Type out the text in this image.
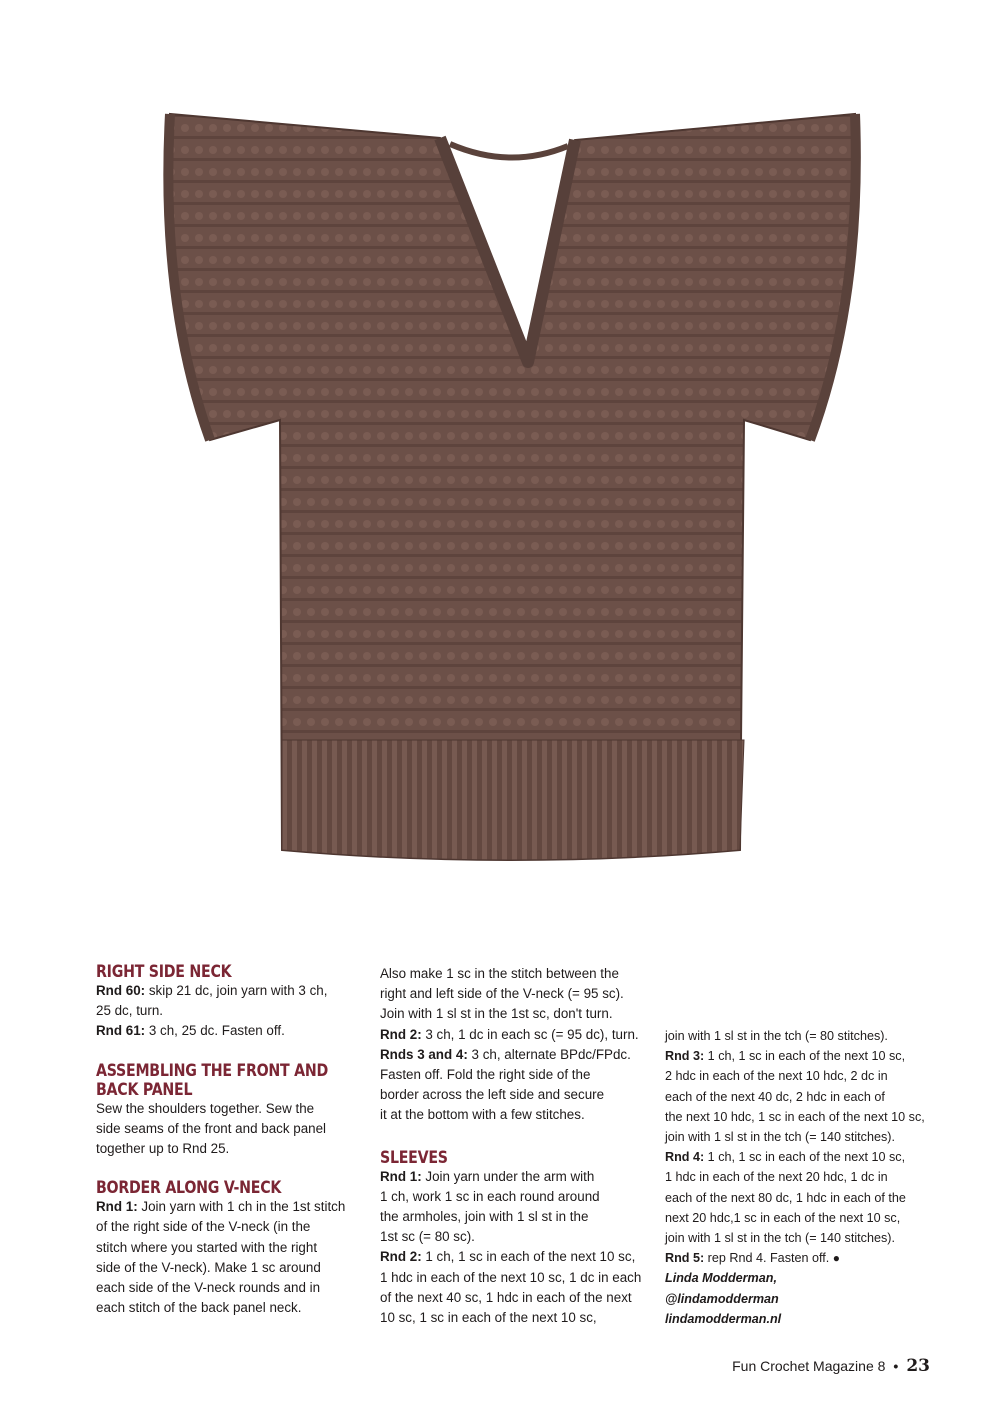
RIGHT SIDE NECK

Rnd 60: skip 21 dc, join yarn with 3 ch,

25 dc, turn.

Rnd 61: 3 ch, 25 dc. Fasten off.

ASSEMBLING THE FRONT AND
BACK PANEL

Sew the shoulders together. Sew the

side seams of the front and back panel

together up to Rnd 25.

BORDER ALONG V-NECK

Rnd 1: Join yarn with 1 ch in the 1st stitch

of the right side of the V-neck (in the

stitch where you started with the right

side of the V-neck). Make 1 sc around

each side of the V-neck rounds and in

each stitch of the back panel neck.

Also make 1 sc in the stitch between the

right and left side of the V-neck (= 95 sc).

Join with 1 sl st in the 1st sc, don't turn.

Rnd 2: 3 ch, 1 dc in each sc (= 95 dc), turn.

Rnds 3 and 4: 3 ch, alternate BPdc/FPdc.

Fasten off. Fold the right side of the

border across the left side and secure

it at the bottom with a few stitches.

SLEEVES

Rnd 1: Join yarn under the arm with

1 ch, work 1 sc in each round around

the armholes, join with 1 sl st in the

1st sc (= 80 sc).

Rnd 2: 1 ch, 1 sc in each of the next 10 sc,

1 hdc in each of the next 10 sc, 1 dc in each

of the next 40 sc, 1 hdc in each of the next

10 sc, 1 sc in each of the next 10 sc,

join with 1 sl st in the tch (= 80 stitches).

Rnd 3: 1 ch, 1 sc in each of the next 10 sc,

2 hdc in each of the next 10 hdc, 2 dc in

each of the next 40 dc, 2 hdc in each of

the next 10 hdc, 1 sc in each of the next 10 sc,

join with 1 sl st in the tch (= 140 stitches).

Rnd 4: 1 ch, 1 sc in each of the next 10 sc,

1 hdc in each of the next 20 hdc, 1 dc in

each of the next 80 dc, 1 hdc in each of the

next 20 hdc,1 sc in each of the next 10 sc,

join with 1 sl st in the tch (= 140 stitches).

Rnd 5: rep Rnd 4. Fasten off. ●

Linda Modderman,

@lindamodderman

lindamodderman.nl

Fun Crochet Magazine 8 • 23
